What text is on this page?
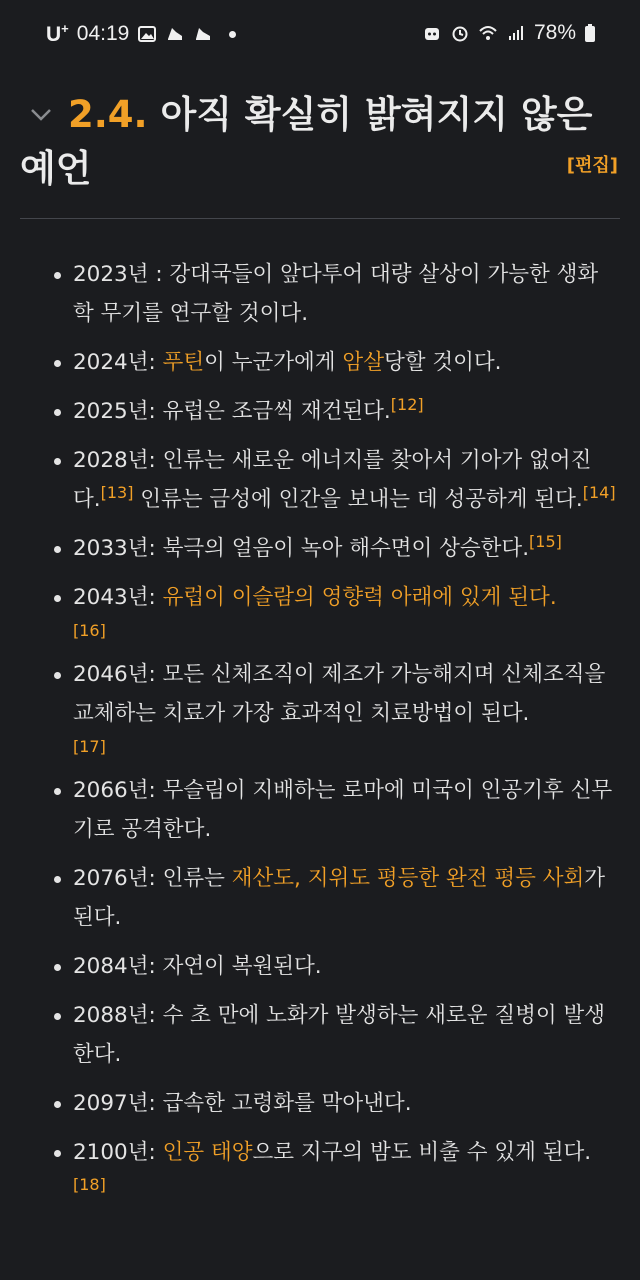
U+ 04:19	78%
2.4. 아직 확실히 밝혀지지 않은
예언	[편집]
2023년 : 강대국들이 앞다투어 대량 살상이 가능한 생화학 무기를 연구할 것이다.
2024년: 푸틴이 누군가에게 암살당할 것이다.
2025년: 유럽은 조금씩 재건된다.[12]
2028년: 인류는 새로운 에너지를 찾아서 기아가 없어진다.[13] 인류는 금성에 인간을 보내는 데 성공하게 된다.[14]
2033년: 북극의 얼음이 녹아 해수면이 상승한다.[15]
2043년: 유럽이 이슬람의 영향력 아래에 있게 된다.
[16]
2046년: 모든 신체조직이 제조가 가능해지며 신체조직을 교체하는 치료가 가장 효과적인 치료방법이 된다.
[17]
2066년: 무슬림이 지배하는 로마에 미국이 인공기후 신무기로 공격한다.
2076년: 인류는 재산도, 지위도 평등한 완전 평등 사회가 된다.
2084년: 자연이 복원된다.
2088년: 수 초 만에 노화가 발생하는 새로운 질병이 발생한다.
2097년: 급속한 고령화를 막아낸다.
2100년: 인공 태양으로 지구의 밤도 비출 수 있게 된다.[18]
